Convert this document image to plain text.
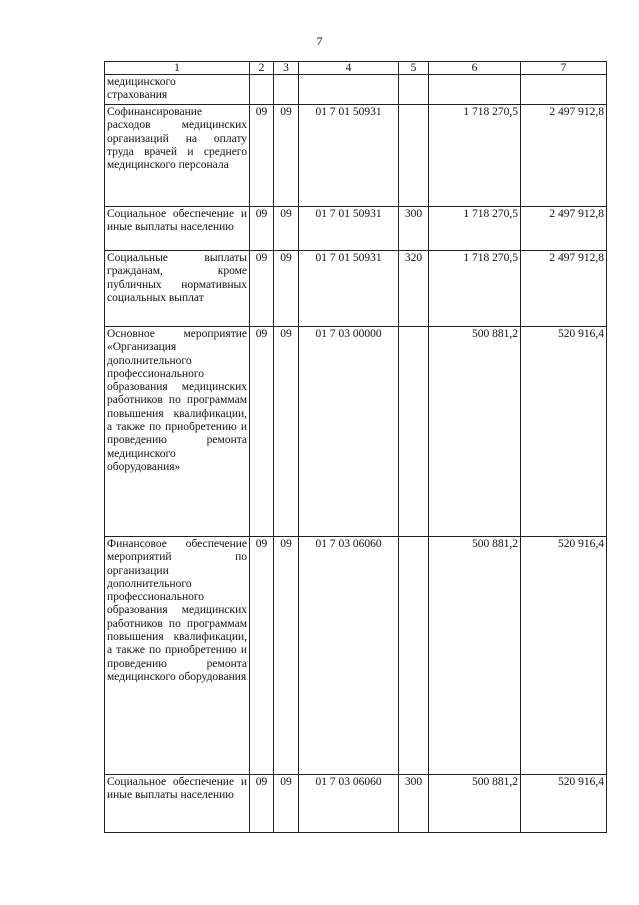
7
1	2	3	4	5	6	7
медицинского
страхования						
Софинансирование расходов медицинских организаций на оплату труда врачей и среднего медицинского персонала	09	09	01 7 01 50931		1 718 270,5	2 497 912,8
Социальное обеспечение и иные выплаты населению	09	09	01 7 01 50931	300	1 718 270,5	2 497 912,8
Социальные выплаты гражданам, кроме публичных нормативных социальных выплат	09	09	01 7 01 50931	320	1 718 270,5	2 497 912,8
Основное мероприятие «Организация дополнительного профессионального образования медицинских работников по программам повышения квалификации, а также по приобретению и проведению ремонта медицинского оборудования»	09	09	01 7 03 00000		500 881,2	520 916,4
Финансовое обеспечение мероприятий по организации дополнительного профессионального образования медицинских работников по программам повышения квалификации, а также по приобретению и проведению ремонта медицинского оборудования	09	09	01 7 03 06060		500 881,2	520 916,4
Социальное обеспечение и иные выплаты населению	09	09	01 7 03 06060	300	500 881,2	520 916,4
